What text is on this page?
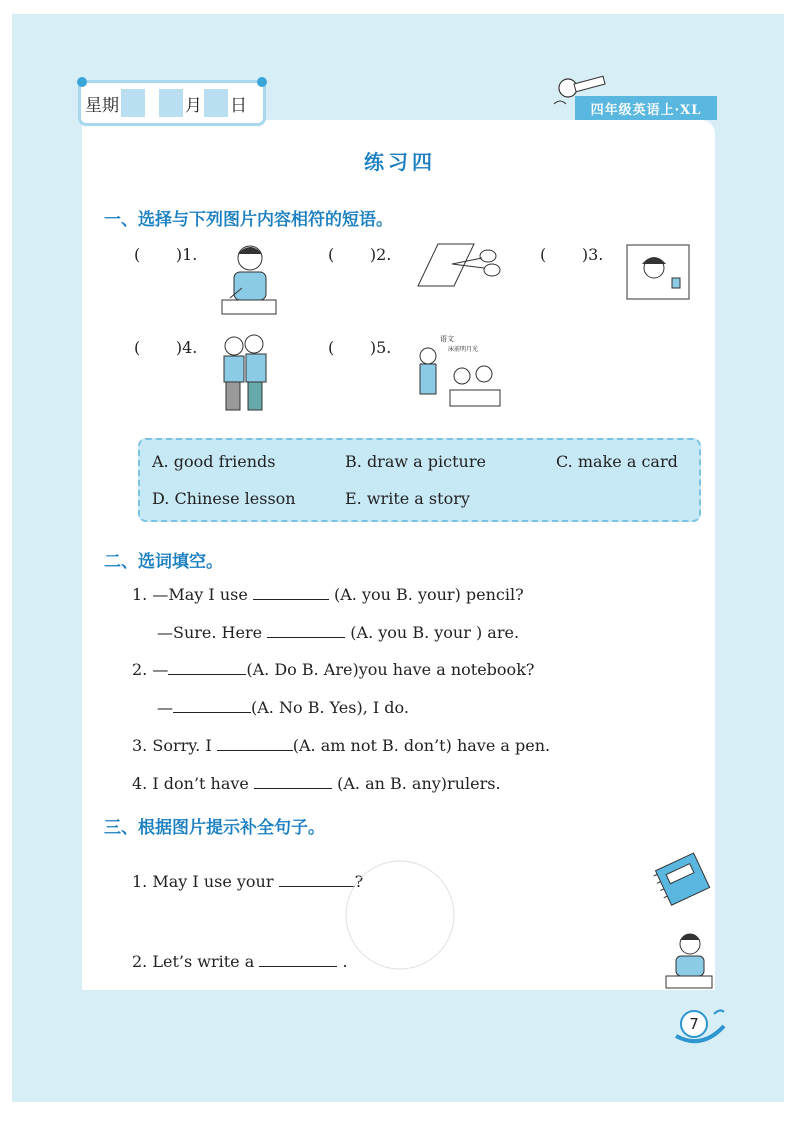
星期	月 日	四年级英语上·XL
练习四
一、选择与下列图片内容相符的短语。
( )1.	( )2.	( )3.
( )4.	( )5.	语文
床前明月光
A. good friends	B. draw a picture	C. make a card
D. Chinese lesson	E. write a story
二、选词填空。
1. —May I use	(A. you B. your) pencil?
—Sure. Here	(A. you B. your ) are.
2. —	(A. Do B. Are)you have a notebook?
—	(A. No B. Yes), I do.
3. Sorry. I	(A. am not B. don’t) have a pen.
4. I don’t have	(A. an B. any)rulers.
三、根据图片提示补全句子。
1. May I use your	?
2. Let’s write a	.
7
